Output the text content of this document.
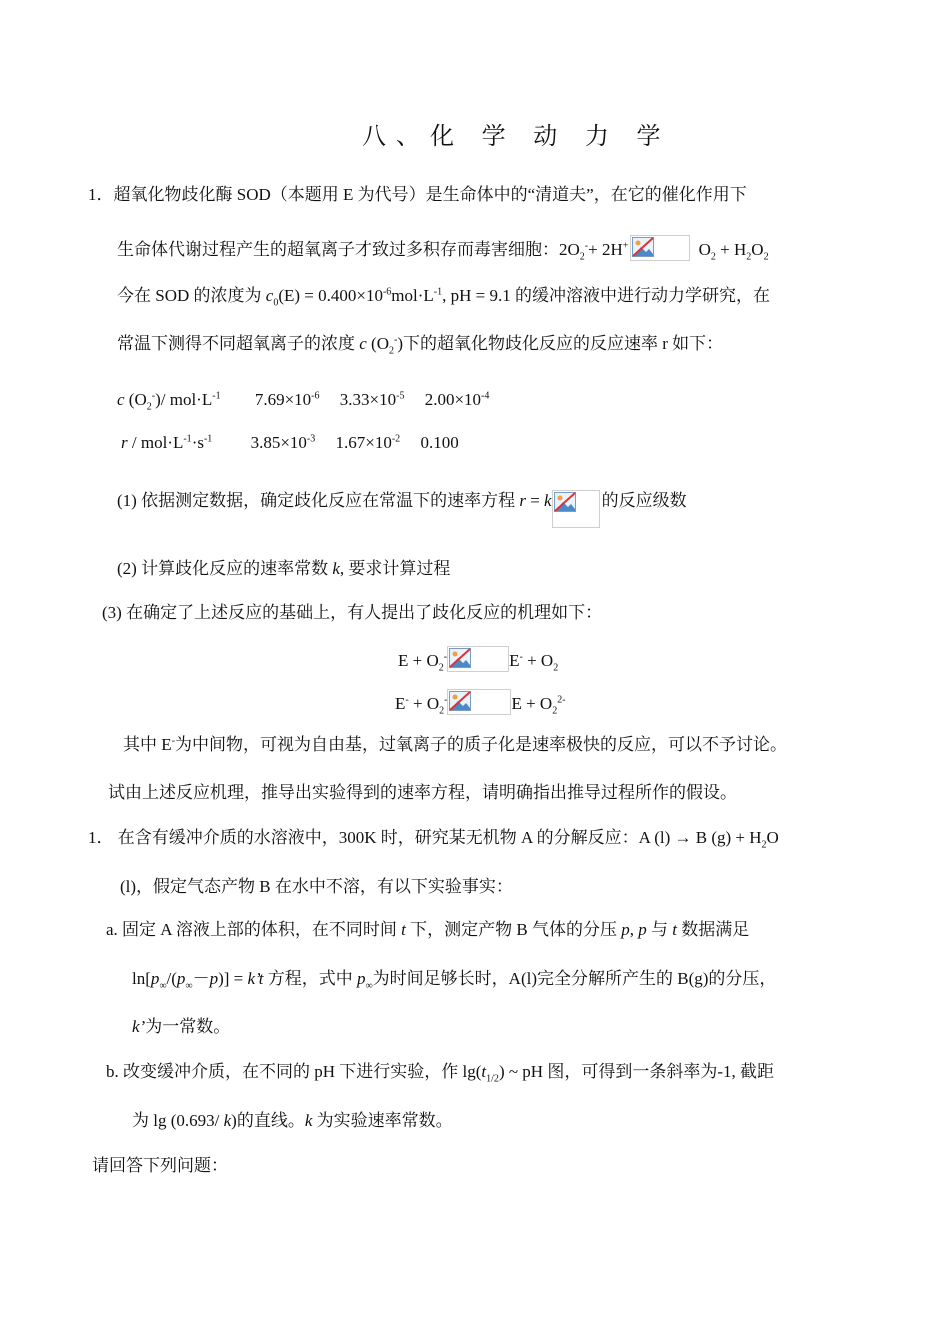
八、化 学 动 力 学
1．超氧化物歧化酶 SOD（本题用 E 为代号）是生命体中的“清道夫”，在它的催化作用下
生命体代谢过程产生的超氧离子才致过多积存而毒害细胞：$2O_2^-+ 2H^+$	$O_2 + H_2O_2$
今在 SOD 的浓度为 $c_0(E) = 0.400\times 10^{-6}mol\cdot L^{-1}$, pH = 9.1 的缓冲溶液中进行动力学研究，在
常温下测得不同超氧离子的浓度 c $(O_2^-)$下的超氧化物歧化反应的反应速率 r 如下：
c $(O_2^-)/$ $mol\cdot L^{-1}$ $7.69\times 10^{-6}$ $3.33\times 10^{-5}$ $2.00\times 10^{-4}$
$r / mol\cdot L^{-1}\cdot s^{-1}$ $3.85\times 10^{-3}$ $1.67\times 10^{-2}$ 0.100
(1) 依据测定数据，确定歧化反应在常温下的速率方程 r = k	的反应级数
(2) 计算歧化反应的速率常数 k, 要求计算过程
(3) 在确定了上述反应的基础上，有人提出了歧化反应的机理如下：
$E + O_2^-$	$E^- + O_2$
$E^- + O_2^-$	$E + O_2^{2-}$
其中 E-为中间物，可视为自由基，过氧离子的质子化是速率极快的反应，可以不予讨论。
试由上述反应机理，推导出实验得到的速率方程，请明确指出推导过程所作的假设。
1． 在含有缓冲介质的水溶液中，300K 时，研究某无机物 A 的分解反应：A (l) → B $(g) + H_2O$
(l)，假定气态产物 B 在水中不溶，有以下实验事实：
a. 固定 A 溶液上部的体积，在不同时间 t 下，测定产物 B 气体的分压 p, p 与 t 数据满足
$\ln[p_\infty/(p_\infty-p)]$ = k’t 方程，式中 $p_\infty$为时间足够长时，A(l)完全分解所产生的 B(g)的分压，
k’为一常数。
b. 改变缓冲介质，在不同的 pH 下进行实验，作 $\lg(t_{1/2})$ ~ pH 图，可得到一条斜率为-1, 截距
为 lg (0.693/ k)的直线。k 为实验速率常数。
请回答下列问题：
